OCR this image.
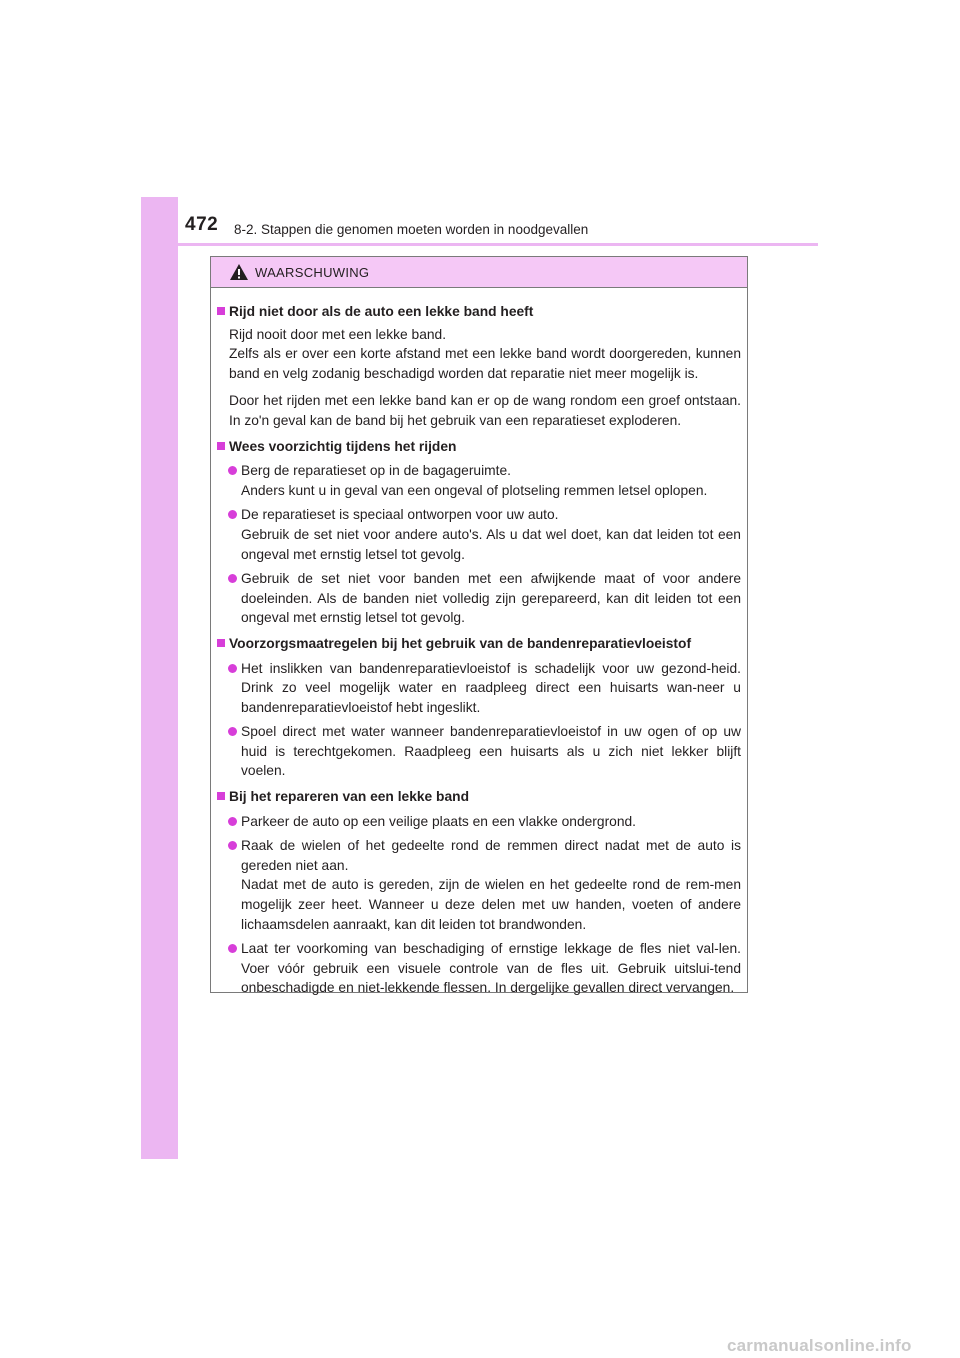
472 8-2. Stappen die genomen moeten worden in noodgevallen
WAARSCHUWING
Rijd niet door als de auto een lekke band heeft
Rijd nooit door met een lekke band.
Zelfs als er over een korte afstand met een lekke band wordt doorgereden, kunnen band en velg zodanig beschadigd worden dat reparatie niet meer mogelijk is.
Door het rijden met een lekke band kan er op de wang rondom een groef ontstaan. In zo'n geval kan de band bij het gebruik van een reparatieset exploderen.
Wees voorzichtig tijdens het rijden
Berg de reparatieset op in de bagageruimte.
Anders kunt u in geval van een ongeval of plotseling remmen letsel oplopen.
De reparatieset is speciaal ontworpen voor uw auto.
Gebruik de set niet voor andere auto's. Als u dat wel doet, kan dat leiden tot een ongeval met ernstig letsel tot gevolg.
Gebruik de set niet voor banden met een afwijkende maat of voor andere doeleinden. Als de banden niet volledig zijn gerepareerd, kan dit leiden tot een ongeval met ernstig letsel tot gevolg.
Voorzorgsmaatregelen bij het gebruik van de bandenreparatievloeistof
Het inslikken van bandenreparatievloeistof is schadelijk voor uw gezond-heid. Drink zo veel mogelijk water en raadpleeg direct een huisarts wan-neer u bandenreparatievloeistof hebt ingeslikt.
Spoel direct met water wanneer bandenreparatievloeistof in uw ogen of op uw huid is terechtgekomen. Raadpleeg een huisarts als u zich niet lekker blijft voelen.
Bij het repareren van een lekke band
Parkeer de auto op een veilige plaats en een vlakke ondergrond.
Raak de wielen of het gedeelte rond de remmen direct nadat met de auto is gereden niet aan.
Nadat met de auto is gereden, zijn de wielen en het gedeelte rond de rem-men mogelijk zeer heet. Wanneer u deze delen met uw handen, voeten of andere lichaamsdelen aanraakt, kan dit leiden tot brandwonden.
Laat ter voorkoming van beschadiging of ernstige lekkage de fles niet val-len. Voer vóór gebruik een visuele controle van de fles uit. Gebruik uitslui-tend onbeschadigde en niet-lekkende flessen. In dergelijke gevallen direct vervangen.
carmanualsonline.info
